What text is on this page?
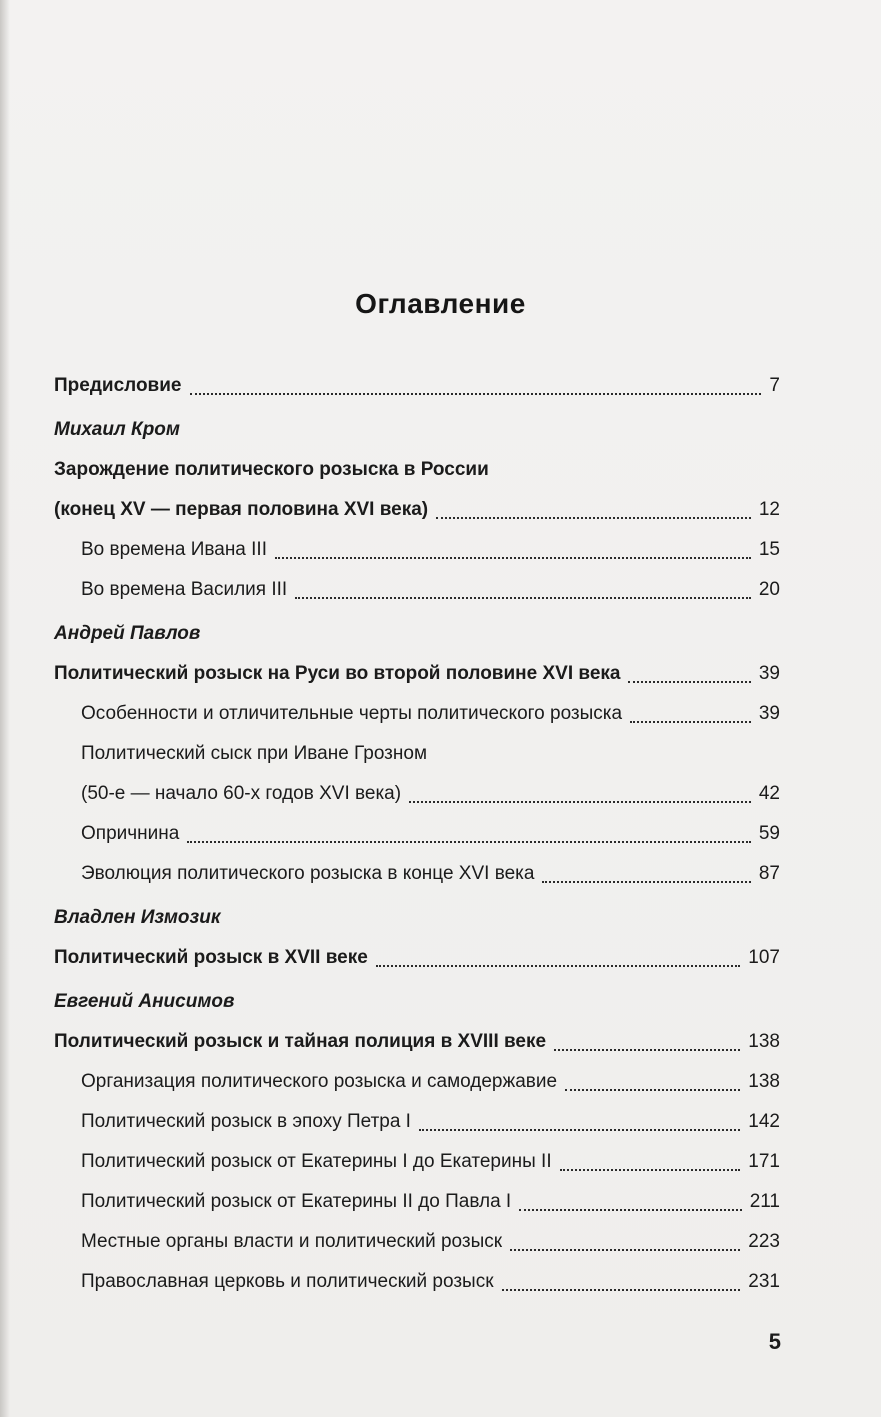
Оглавление
Предисловие	7
Михаил Кром
Зарождение политического розыска в России
(конец XV — первая половина XVI века)	12
Во времена Ивана III	15
Во времена Василия III	20
Андрей Павлов
Политический розыск на Руси во второй половине XVI века	39
Особенности и отличительные черты политического розыска	39
Политический сыск при Иване Грозном
(50-е — начало 60-х годов XVI века)	42
Опричнина	59
Эволюция политического розыска в конце XVI века	87
Владлен Измозик
Политический розыск в XVII веке	107
Евгений Анисимов
Политический розыск и тайная полиция в XVIII веке	138
Организация политического розыска и самодержавие	138
Политический розыск в эпоху Петра I	142
Политический розыск от Екатерины I до Екатерины II	171
Политический розыск от Екатерины II до Павла I	211
Местные органы власти и политический розыск	223
Православная церковь и политический розыск	231
5
